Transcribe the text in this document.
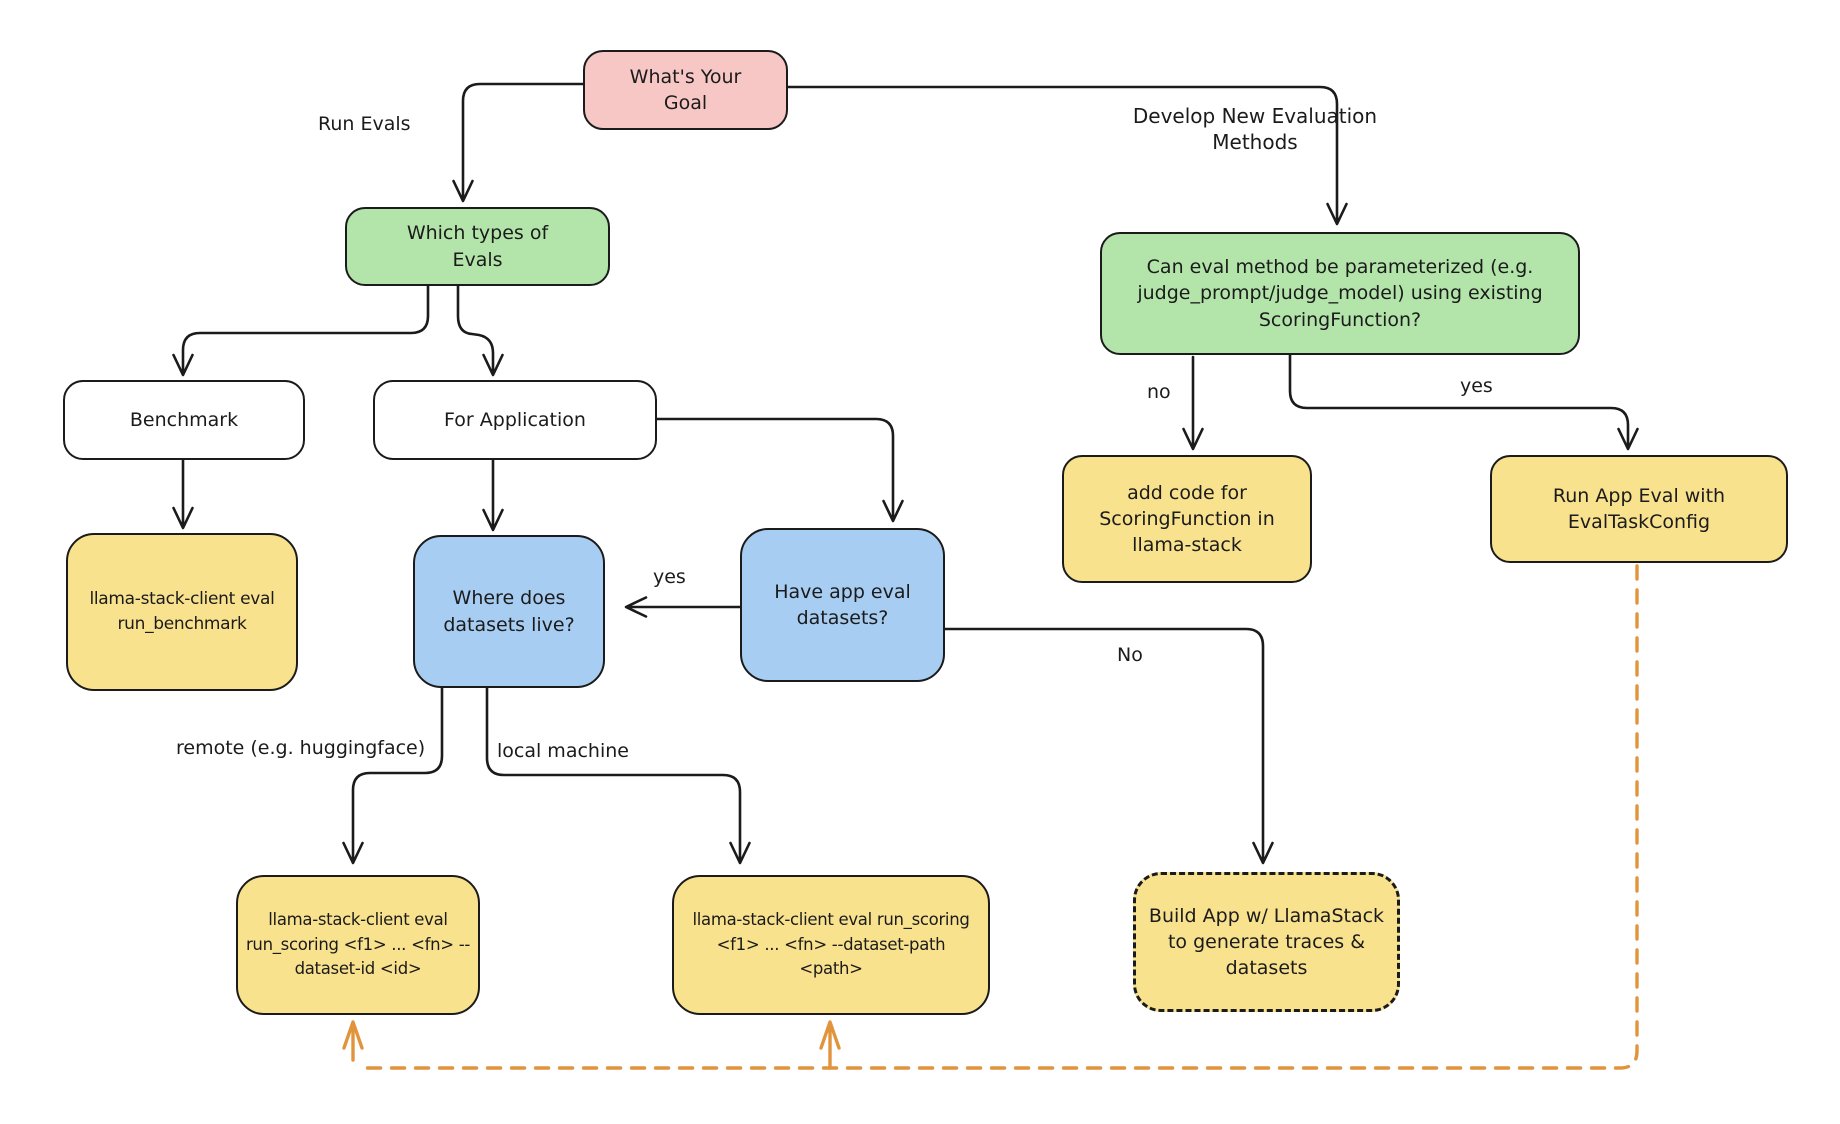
What's Your Goal
Which types of Evals
Benchmark	For Application
llama-stack-client eval run_benchmark
Where does datasets live?
Have app eval datasets?
Can eval method be parameterized (e.g. judge_prompt/judge_model) using existing ScoringFunction?
add code for ScoringFunction in llama-stack
Run App Eval with EvalTaskConfig
Build App w/ LlamaStack to generate traces & datasets
llama-stack-client eval run_scoring <f1> ... <fn> --dataset-id <id>
llama-stack-client eval run_scoring <f1> ... <fn> --dataset-path <path>
Run Evals	Develop New Evaluation Methods
yes
No
no	yes
remote (e.g. huggingface)	local machine
